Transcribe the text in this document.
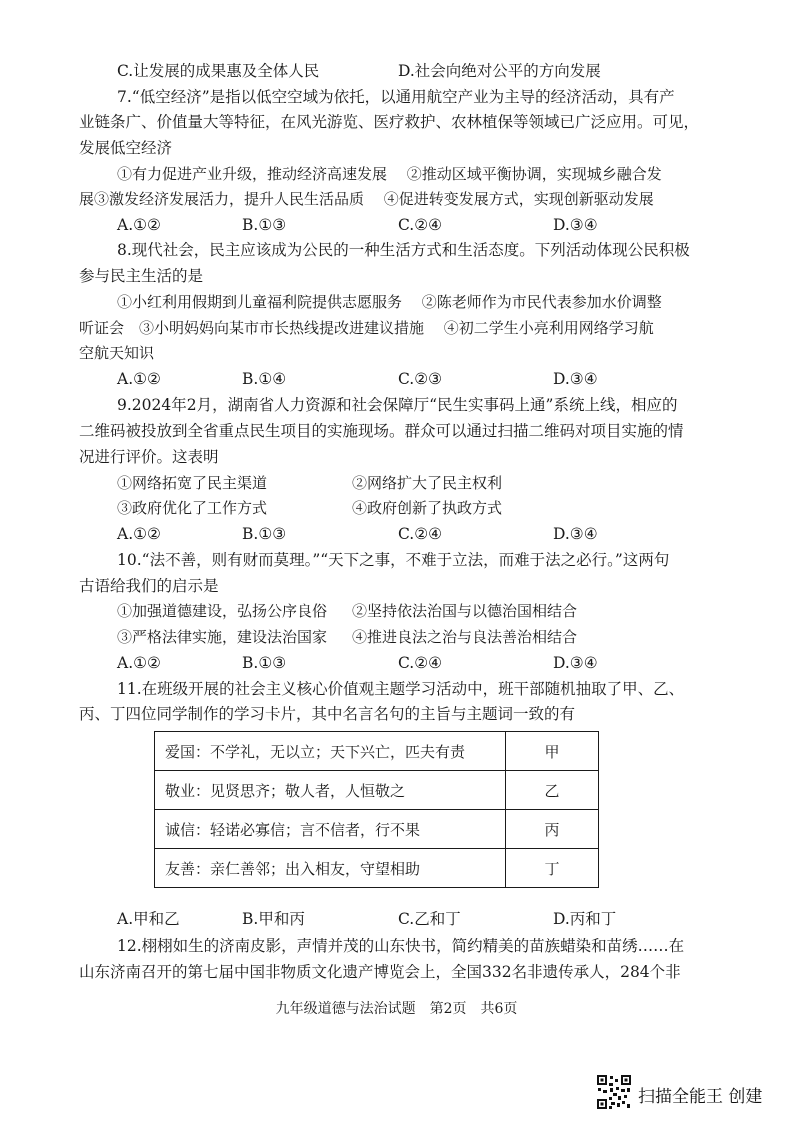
C.让发展的成果惠及全体人民	D.社会向绝对公平的方向发展
7.“低空经济”是指以低空空域为依托，以通用航空产业为主导的经济活动，具有产
业链条广、价值量大等特征，在风光游览、医疗救护、农林植保等领域已广泛应用。可见，
发展低空经济
①有力促进产业升级，推动经济高速发展　 ②推动区域平衡协调，实现城乡融合发
展③激发经济发展活力，提升人民生活品质　 ④促进转变发展方式，实现创新驱动发展
A.①②	B.①③	C.②④	D.③④
8.现代社会，民主应该成为公民的一种生活方式和生活态度。下列活动体现公民积极
参与民主生活的是
①小红利用假期到儿童福利院提供志愿服务　 ②陈老师作为市民代表参加水价调整
听证会　③小明妈妈向某市市长热线提改进建议措施　 ④初二学生小亮利用网络学习航
空航天知识
A.①②	B.①④	C.②③	D.③④
9.2024年2月，湖南省人力资源和社会保障厅“民生实事码上通”系统上线，相应的
二维码被投放到全省重点民生项目的实施现场。群众可以通过扫描二维码对项目实施的情
况进行评价。这表明
①网络拓宽了民主渠道	②网络扩大了民主权利
③政府优化了工作方式	④政府创新了执政方式
A.①②	B.①③	C.②④	D.③④
10.“法不善，则有财而莫理。”“天下之事，不难于立法，而难于法之必行。”这两句
古语给我们的启示是
①加强道德建设，弘扬公序良俗 ②坚持依法治国与以德治国相结合
③严格法律实施，建设法治国家 ④推进良法之治与良法善治相结合
A.①②	B.①③	C.②④	D.③④
11.在班级开展的社会主义核心价值观主题学习活动中，班干部随机抽取了甲、乙、
丙、丁四位同学制作的学习卡片，其中名言名句的主旨与主题词一致的有
爱国：不学礼，无以立；天下兴亡，匹夫有责	甲
敬业：见贤思齐；敬人者，人恒敬之	乙
诚信：轻诺必寡信；言不信者，行不果	丙
友善：亲仁善邻；出入相友，守望相助	丁
A.甲和乙	B.甲和丙	C.乙和丁	D.丙和丁
12.栩栩如生的济南皮影，声情并茂的山东快书，简约精美的苗族蜡染和苗绣……在
山东济南召开的第七届中国非物质文化遗产博览会上，全国332名非遗传承人，284个非
九年级道德与法治试题　第2页　共6页
扫描全能王 创建
